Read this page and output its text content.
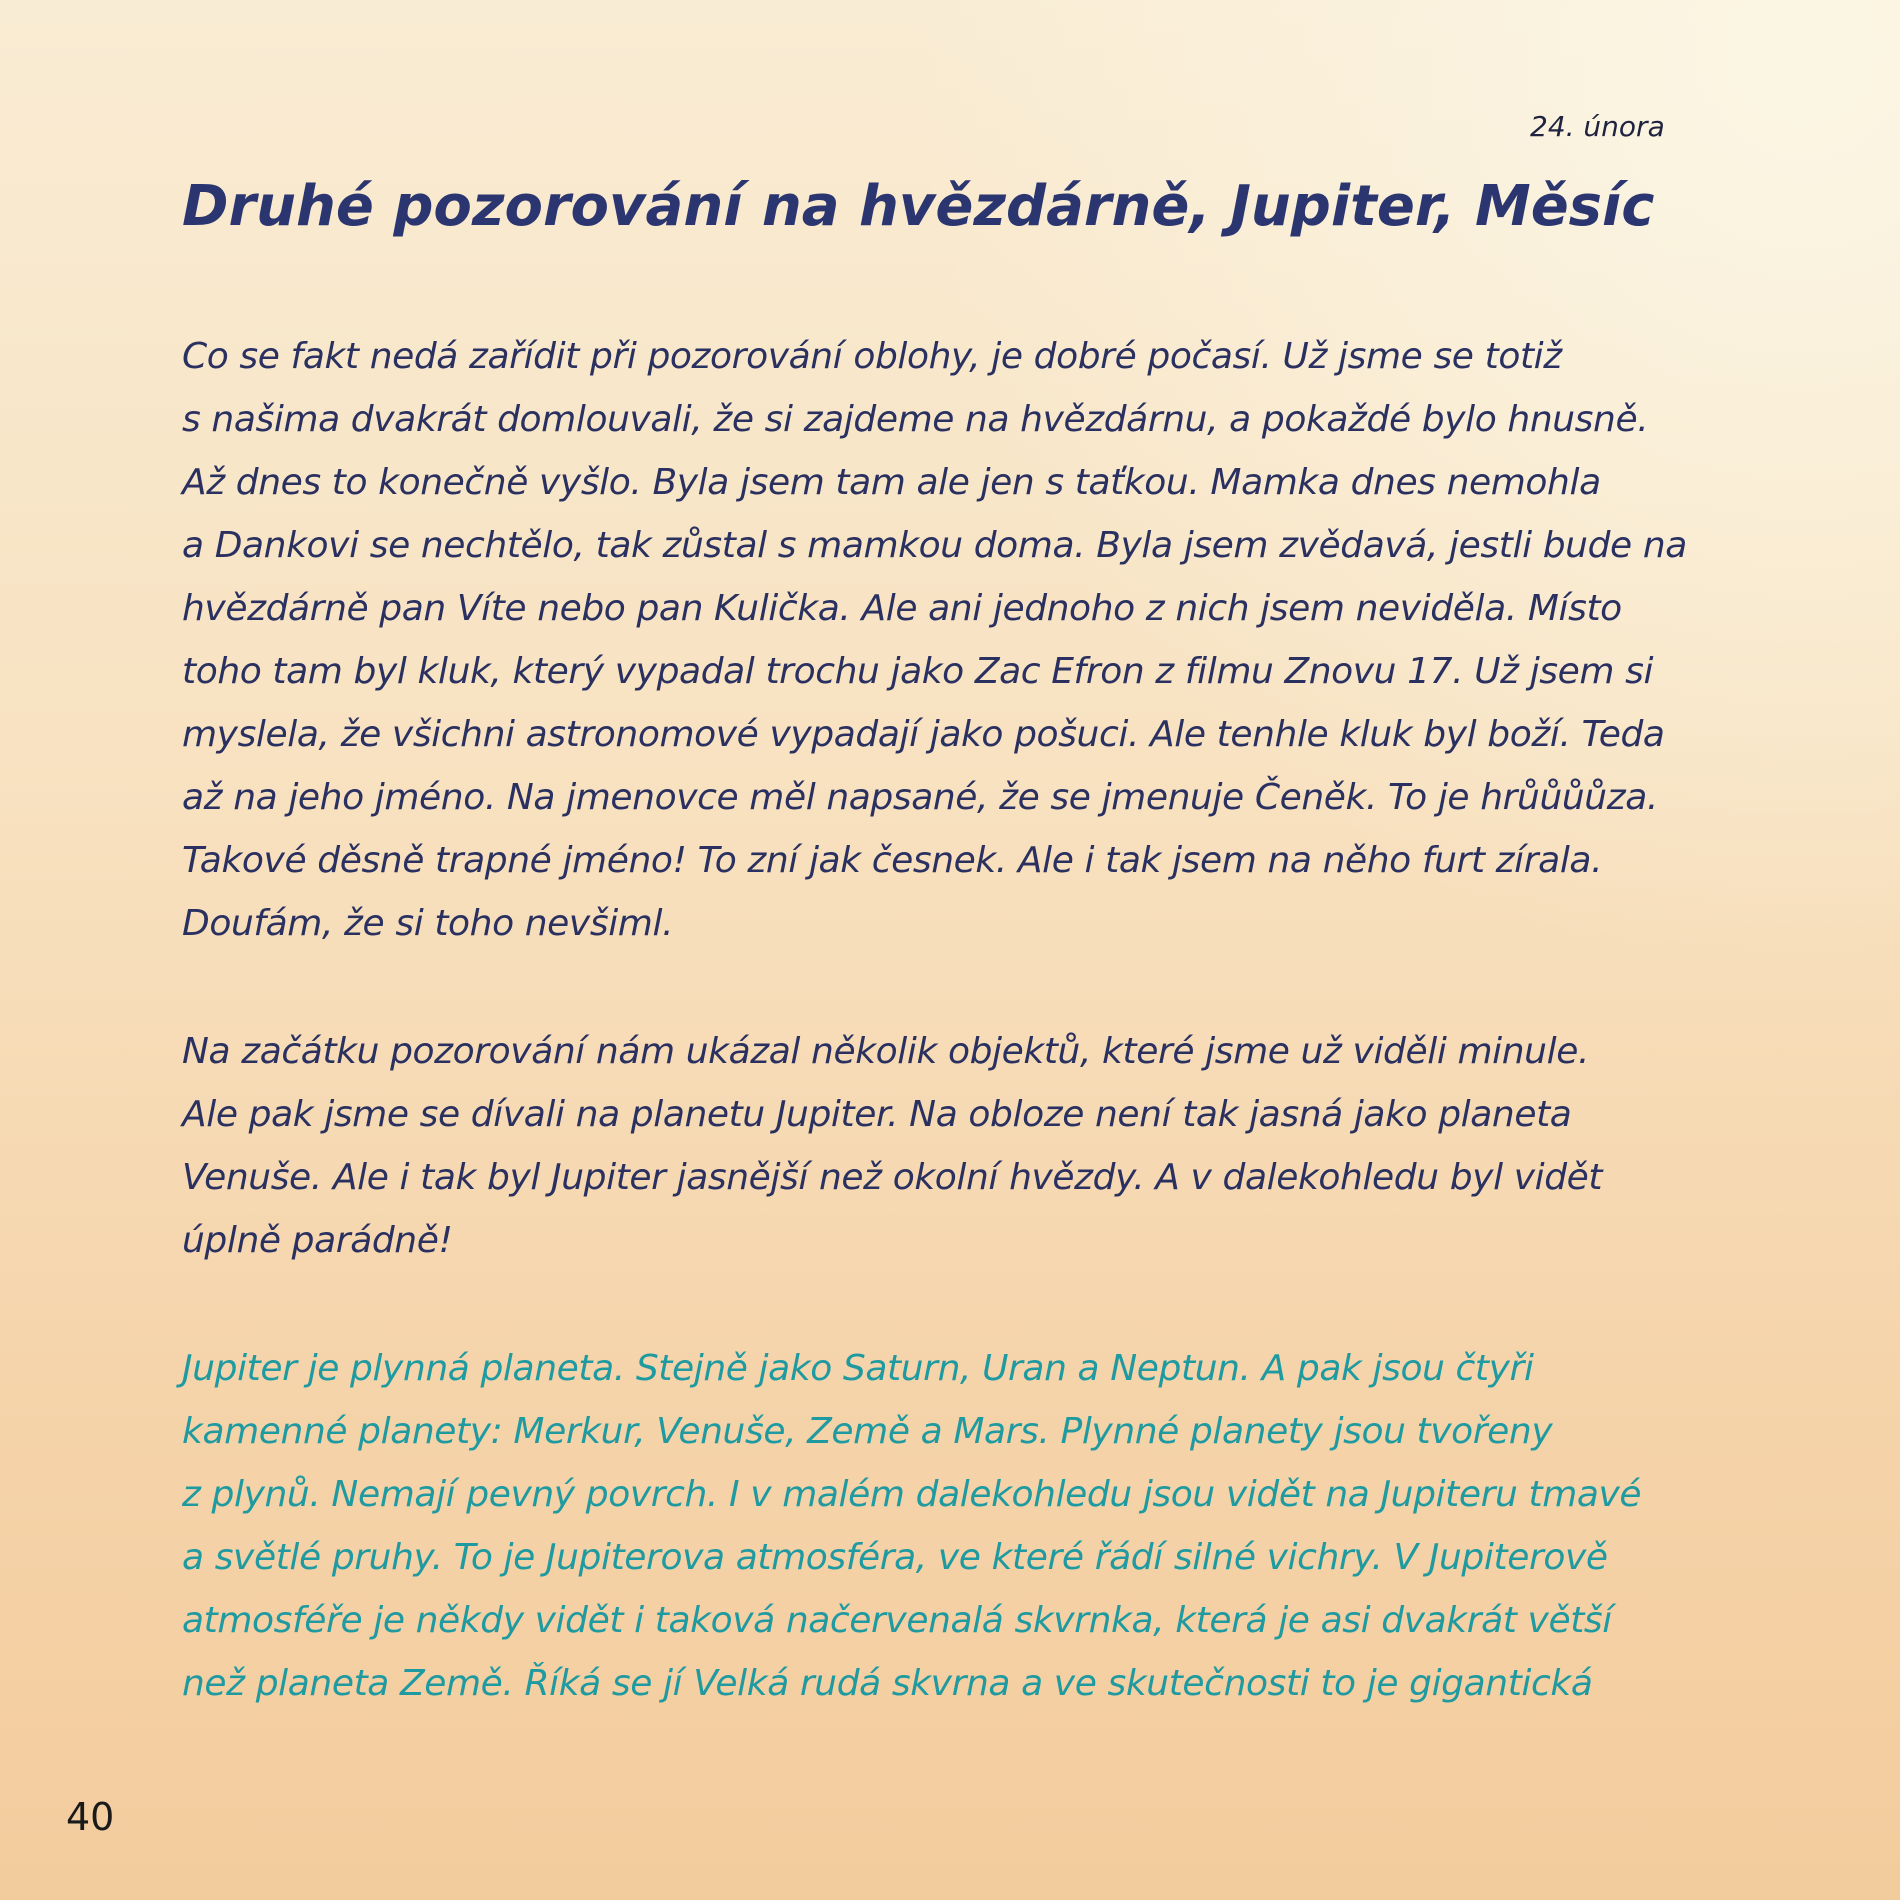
24. února
Druhé pozorování na hvězdárně, Jupiter, Měsíc
Co se fakt nedá zařídit při pozorování oblohy, je dobré počasí. Už jsme se totiž
s našima dvakrát domlouvali, že si zajdeme na hvězdárnu, a pokaždé bylo hnusně.
Až dnes to konečně vyšlo. Byla jsem tam ale jen s taťkou. Mamka dnes nemohla
a Dankovi se nechtělo, tak zůstal s mamkou doma. Byla jsem zvědavá, jestli bude na
hvězdárně pan Víte nebo pan Kulička. Ale ani jednoho z nich jsem neviděla. Místo
toho tam byl kluk, který vypadal trochu jako Zac Efron z filmu Znovu 17. Už jsem si
myslela, že všichni astronomové vypadají jako pošuci. Ale tenhle kluk byl boží. Teda
až na jeho jméno. Na jmenovce měl napsané, že se jmenuje Čeněk. To je hrůůůůza.
Takové děsně trapné jméno! To zní jak česnek. Ale i tak jsem na něho furt zírala.
Doufám, že si toho nevšiml.
Na začátku pozorování nám ukázal několik objektů, které jsme už viděli minule.
Ale pak jsme se dívali na planetu Jupiter. Na obloze není tak jasná jako planeta
Venuše. Ale i tak byl Jupiter jasnější než okolní hvězdy. A v dalekohledu byl vidět
úplně parádně!
Jupiter je plynná planeta. Stejně jako Saturn, Uran a Neptun. A pak jsou čtyři
kamenné planety: Merkur, Venuše, Země a Mars. Plynné planety jsou tvořeny
z plynů. Nemají pevný povrch. I v malém dalekohledu jsou vidět na Jupiteru tmavé
a světlé pruhy. To je Jupiterova atmosféra, ve které řádí silné vichry. V Jupiterově
atmosféře je někdy vidět i taková načervenalá skvrnka, která je asi dvakrát větší
než planeta Země. Říká se jí Velká rudá skvrna a ve skutečnosti to je gigantická
40
